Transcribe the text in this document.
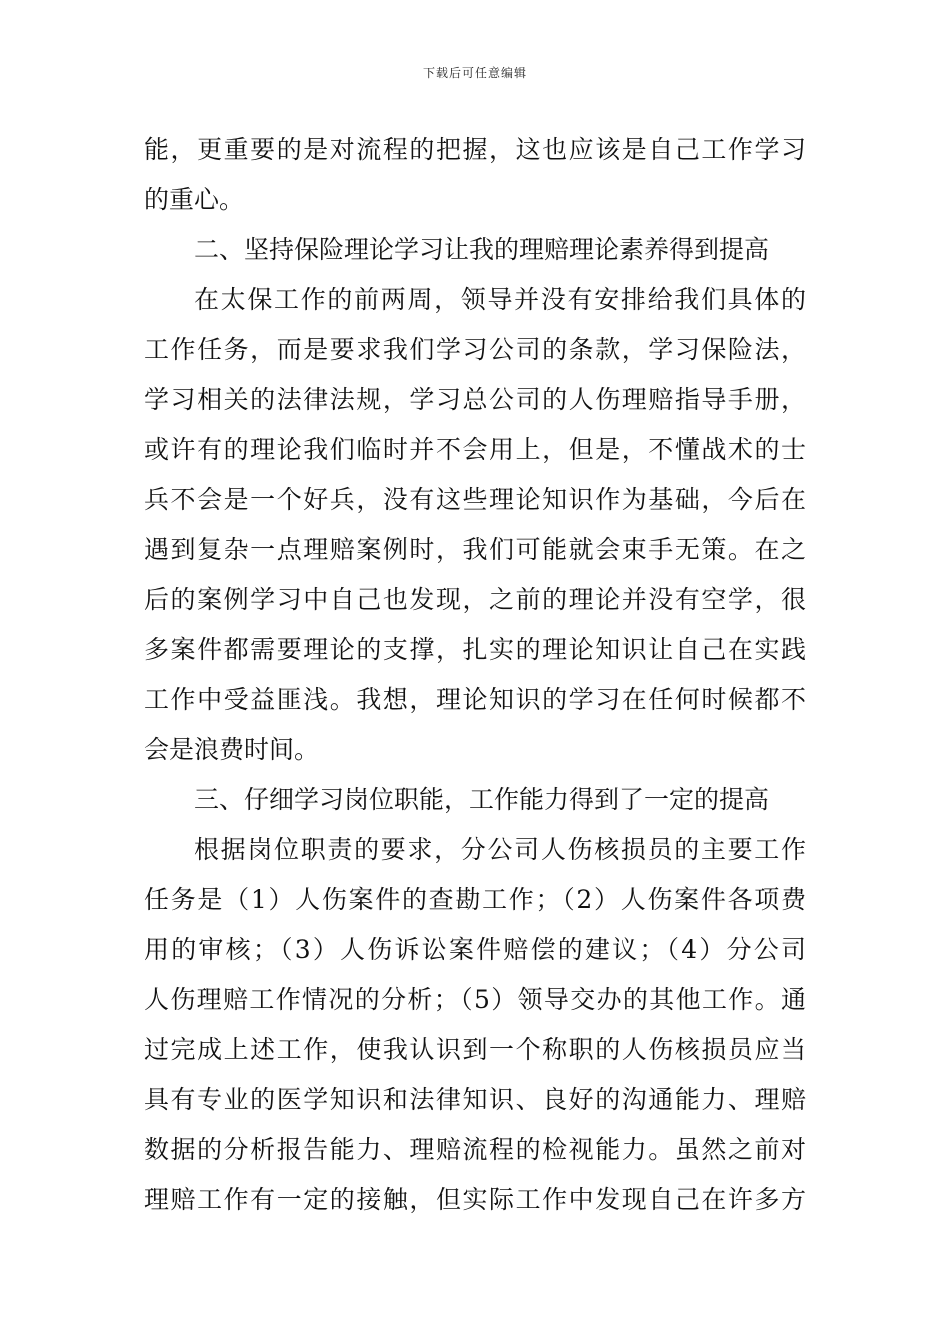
下载后可任意编辑
能，更重要的是对流程的把握，这也应该是自己工作学习
的重心。
二、坚持保险理论学习让我的理赔理论素养得到提高
在太保工作的前两周，领导并没有安排给我们具体的
工作任务，而是要求我们学习公司的条款，学习保险法，
学习相关的法律法规，学习总公司的人伤理赔指导手册，
或许有的理论我们临时并不会用上，但是，不懂战术的士
兵不会是一个好兵，没有这些理论知识作为基础，今后在
遇到复杂一点理赔案例时，我们可能就会束手无策。在之
后的案例学习中自己也发现，之前的理论并没有空学，很
多案件都需要理论的支撑，扎实的理论知识让自己在实践
工作中受益匪浅。我想，理论知识的学习在任何时候都不
会是浪费时间。
三、仔细学习岗位职能，工作能力得到了一定的提高
根据岗位职责的要求，分公司人伤核损员的主要工作
任务是（1）人伤案件的查勘工作；（2）人伤案件各项费
用的审核；（3）人伤诉讼案件赔偿的建议；（4）分公司
人伤理赔工作情况的分析；（5）领导交办的其他工作。通
过完成上述工作，使我认识到一个称职的人伤核损员应当
具有专业的医学知识和法律知识、良好的沟通能力、理赔
数据的分析报告能力、理赔流程的检视能力。虽然之前对
理赔工作有一定的接触，但实际工作中发现自己在许多方
